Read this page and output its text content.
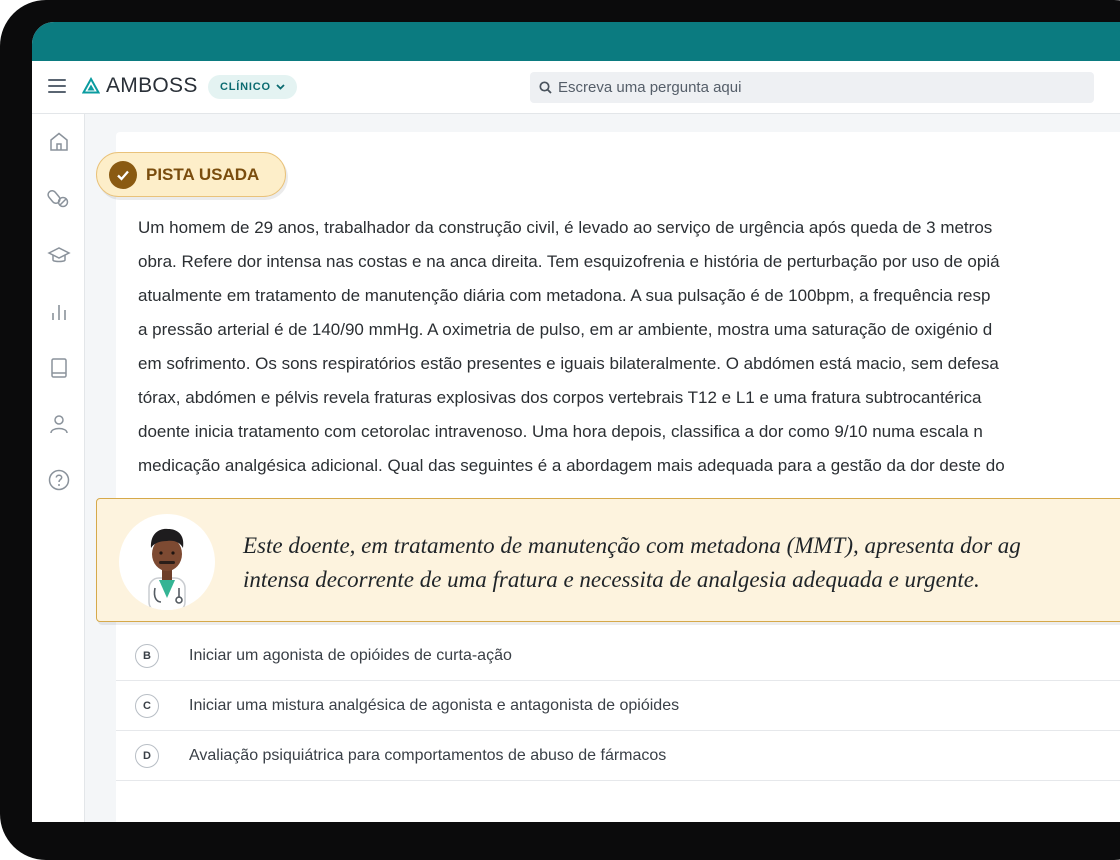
AMBOSS CLÍNICO
Escreva uma pergunta aqui
PISTA USADA
Um homem de 29 anos, trabalhador da construção civil, é levado ao serviço de urgência após queda de 3 metros
obra. Refere dor intensa nas costas e na anca direita. Tem esquizofrenia e história de perturbação por uso de opiá
atualmente em tratamento de manutenção diária com metadona. A sua pulsação é de 100bpm, a frequência resp
a pressão arterial é de 140/90 mmHg. A oximetria de pulso, em ar ambiente, mostra uma saturação de oxigénio d
em sofrimento. Os sons respiratórios estão presentes e iguais bilateralmente. O abdómen está macio, sem defesa
tórax, abdómen e pélvis revela fraturas explosivas dos corpos vertebrais T12 e L1 e uma fratura subtrocantérica
doente inicia tratamento com cetorolac intravenoso. Uma hora depois, classifica a dor como 9/10 numa escala n
medicação analgésica adicional. Qual das seguintes é a abordagem mais adequada para a gestão da dor deste do
Este doente, em tratamento de manutenção com metadona (MMT), apresenta dor ag
intensa decorrente de uma fratura e necessita de analgesia adequada e urgente.
B	Iniciar um agonista de opióides de curta-ação
C	Iniciar uma mistura analgésica de agonista e antagonista de opióides
D	Avaliação psiquiátrica para comportamentos de abuso de fármacos
